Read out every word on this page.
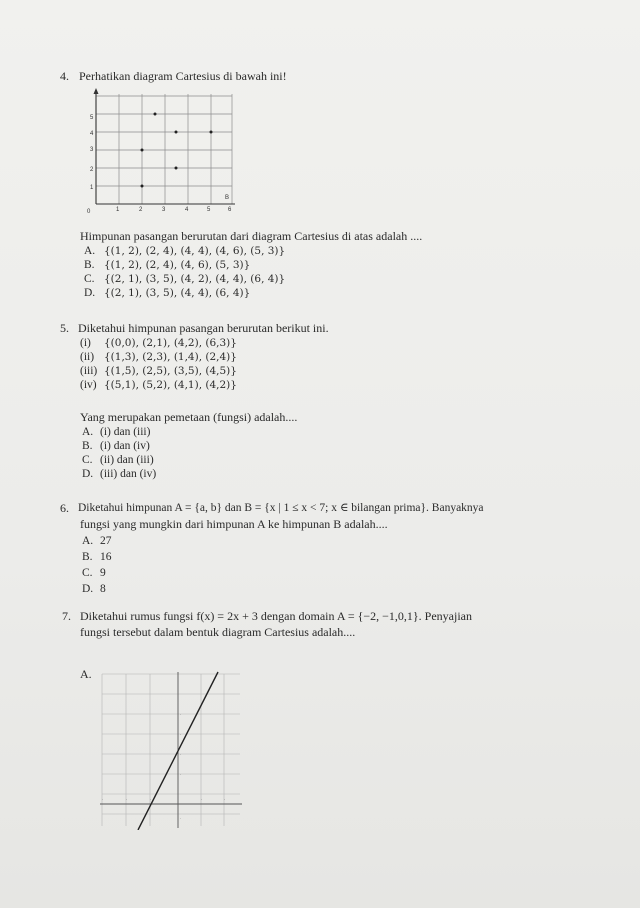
4. Perhatikan diagram Cartesius di bawah ini!
5
4
3
2
1
0	1	2	3	4	5	6
B
Himpunan pasangan berurutan dari diagram Cartesius di atas adalah ....
A. {(1, 2), (2, 4), (4, 4), (4, 6), (5, 3)}
B. {(1, 2), (2, 4), (4, 6), (5, 3)}
C. {(2, 1), (3, 5), (4, 2), (4, 4), (6, 4)}
D. {(2, 1), (3, 5), (4, 4), (6, 4)}
5. Diketahui himpunan pasangan berurutan berikut ini.
(i) {(0,0), (2,1), (4,2), (6,3)}
(ii) {(1,3), (2,3), (1,4), (2,4)}
(iii) {(1,5), (2,5), (3,5), (4,5)}
(iv) {(5,1), (5,2), (4,1), (4,2)}
Yang merupakan pemetaan (fungsi) adalah....
A. (i) dan (iii)
B. (i) dan (iv)
C. (ii) dan (iii)
D. (iii) dan (iv)
6. Diketahui himpunan A = {a, b} dan B = {x | 1 ≤ x < 7; x ∈ bilangan prima}. Banyaknya
fungsi yang mungkin dari himpunan A ke himpunan B adalah....
A. 27
B. 16
C. 9
D. 8
7. Diketahui rumus fungsi f(x) = 2x + 3 dengan domain A = {−2, −1,0,1}. Penyajian
fungsi tersebut dalam bentuk diagram Cartesius adalah....
A.
·	·	·	·	·
·
·
·
·
·
